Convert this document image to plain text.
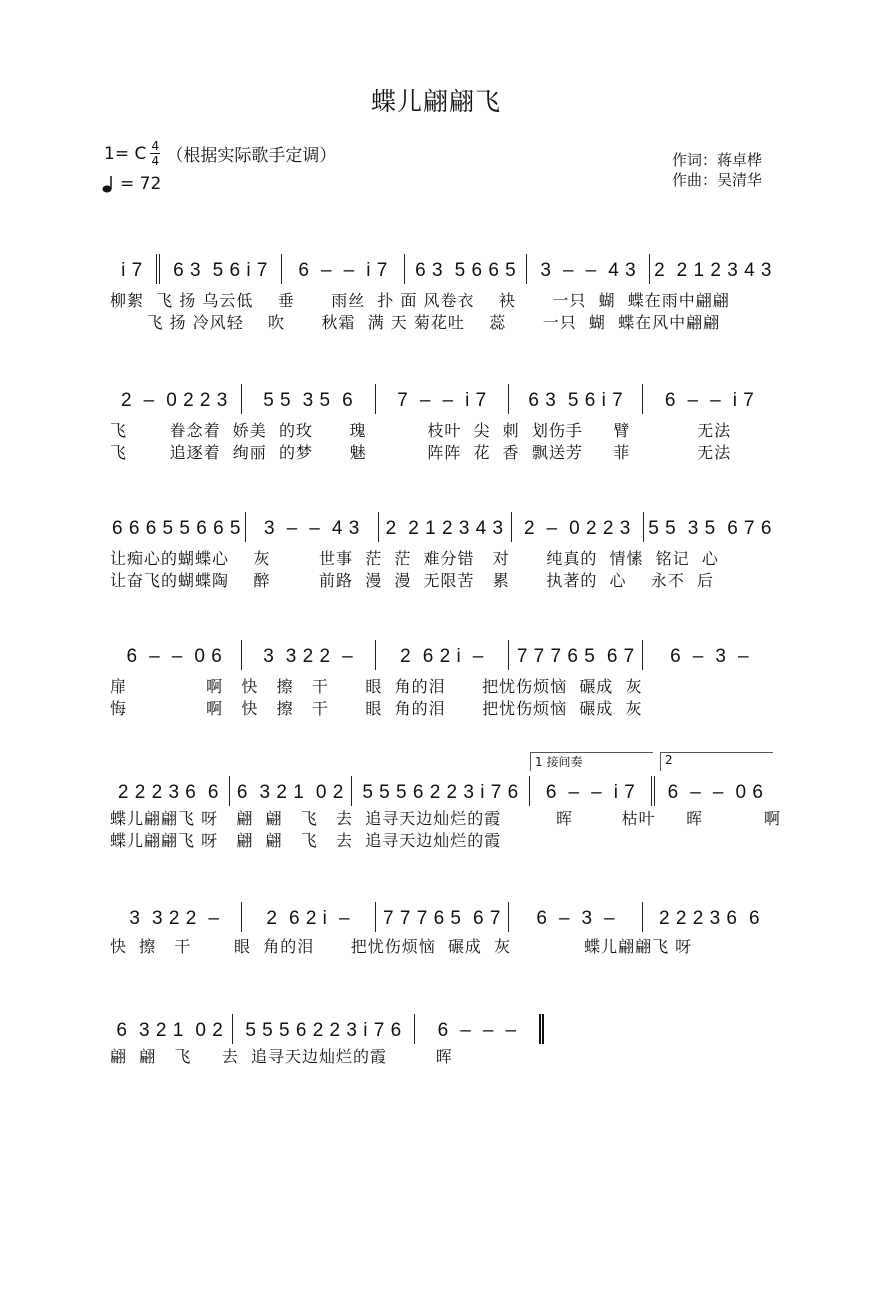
蝶儿翩翩飞
1= C $\frac{4}{4}$ （根据实际歌手定调）
= 72
作词：蒋卓桦
作曲：吴清华
i 7 6 3  5 6 i 7 6  –  –  i 7 6 3  5 6 6 5 3  –  –  4 3 2  2 1 2 3 4 3
柳絮  飞 扬 乌云低    垂      雨丝  扑 面 风卷衣    袂      一只  蝴  蝶在雨中翩翩
飞 扬 冷风轻    吹      秋霜  满 天 菊花吐    蕊      一只  蝴  蝶在风中翩翩
2  –  0 2 2 3 5 5  3 5  6 7  –  –  i 7 6 3  5 6 i 7 6  –  –  i 7
飞       眷念着  娇美  的玫      瑰          枝叶  尖  刺  划伤手     臂           无法
飞       追逐着  绚丽  的梦      魅          阵阵  花  香  飘送芳     菲           无法
6 6 6 5 5 6 6 5 3  –  –  4 3 2  2 1 2 3 4 3 2  –  0 2 2 3 5 5  3 5  6 7 6
让痴心的蝴蝶心    灰        世事  茫  茫  难分错   对      纯真的  情愫  铭记  心
让奋飞的蝴蝶陶    醉        前路  漫  漫  无限苦   累      执著的  心    永不  后
6  –  –  0 6 3  3 2 2  – 2  6 2 i  – 7 7 7 6 5  6 7 6  –  3  –
扉             啊   快   擦   干      眼  角的泪      把忧伤烦恼  碾成  灰
悔             啊   快   擦   干      眼  角的泪      把忧伤烦恼  碾成  灰
1 接间奏	2
2 2 2 3 6  6 6  3 2 1  0 2 5 5 5 6 2 2 3 i 7 6 6  –  –  i 7 6  –  –  0 6
蝶儿翩翩飞 呀   翩  翩   飞   去  追寻天边灿烂的霞         晖        枯叶     晖          啊
蝶儿翩翩飞 呀   翩  翩   飞   去  追寻天边灿烂的霞
3  3 2 2  – 2  6 2 i  – 7 7 7 6 5  6 7 6  –  3  – 2 2 2 3 6  6
快  擦   干       眼  角的泪      把忧伤烦恼  碾成  灰            蝶儿翩翩飞 呀
6  3 2 1  0 2 5 5 5 6 2 2 3 i 7 6 6  –  –  –
翩  翩   飞     去  追寻天边灿烂的霞        晖
